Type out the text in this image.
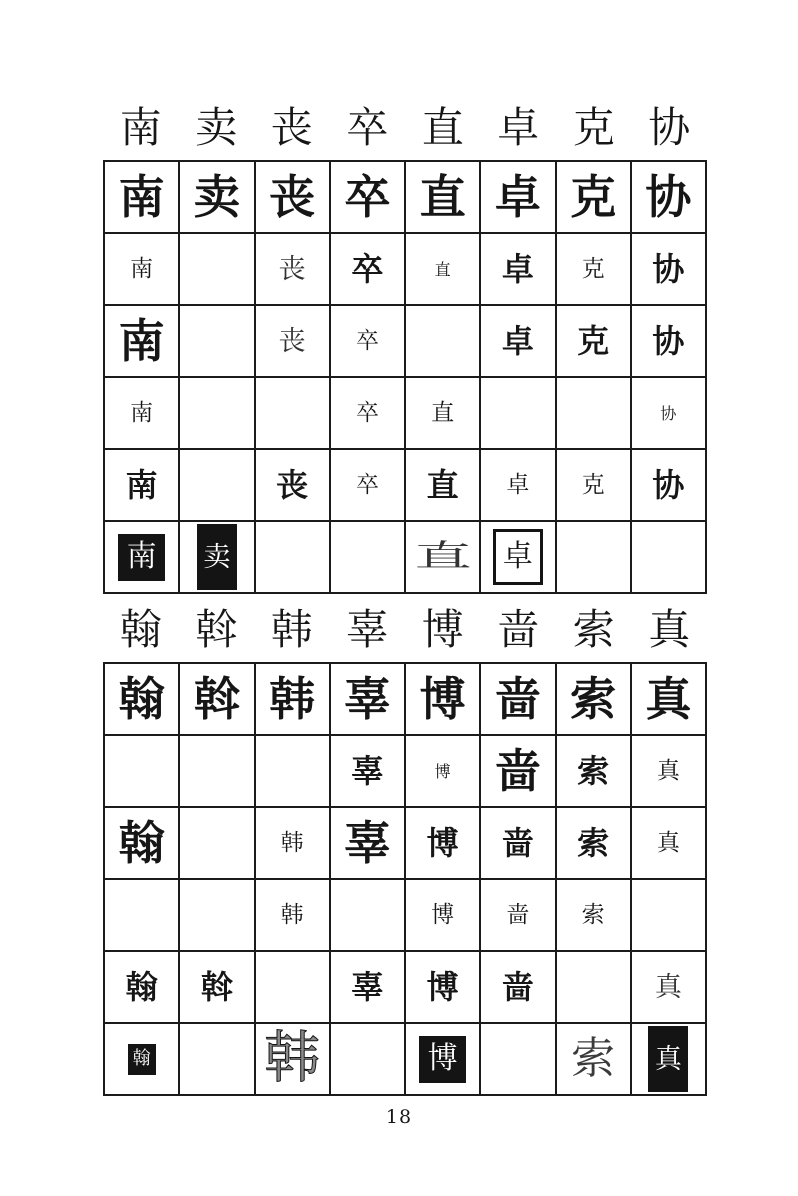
南 卖 丧 卒 直 卓 克 协
南	卖	丧	卒	直	卓	克	协
南		丧	卒	直	卓	克	协
南		丧	卒		卓	克	协
南			卒	直			协
南		丧	卒	直	卓	克	协
南	卖			直	卓		
翰 斡 韩 辜 博 啬 索 真
翰	斡	韩	辜	博	啬	索	真
			辜	博	啬	索	真
翰		韩	辜	博	啬	索	真
		韩		博	啬	索	
翰	斡		辜	博	啬		真
翰		韩		博		索	真
18
